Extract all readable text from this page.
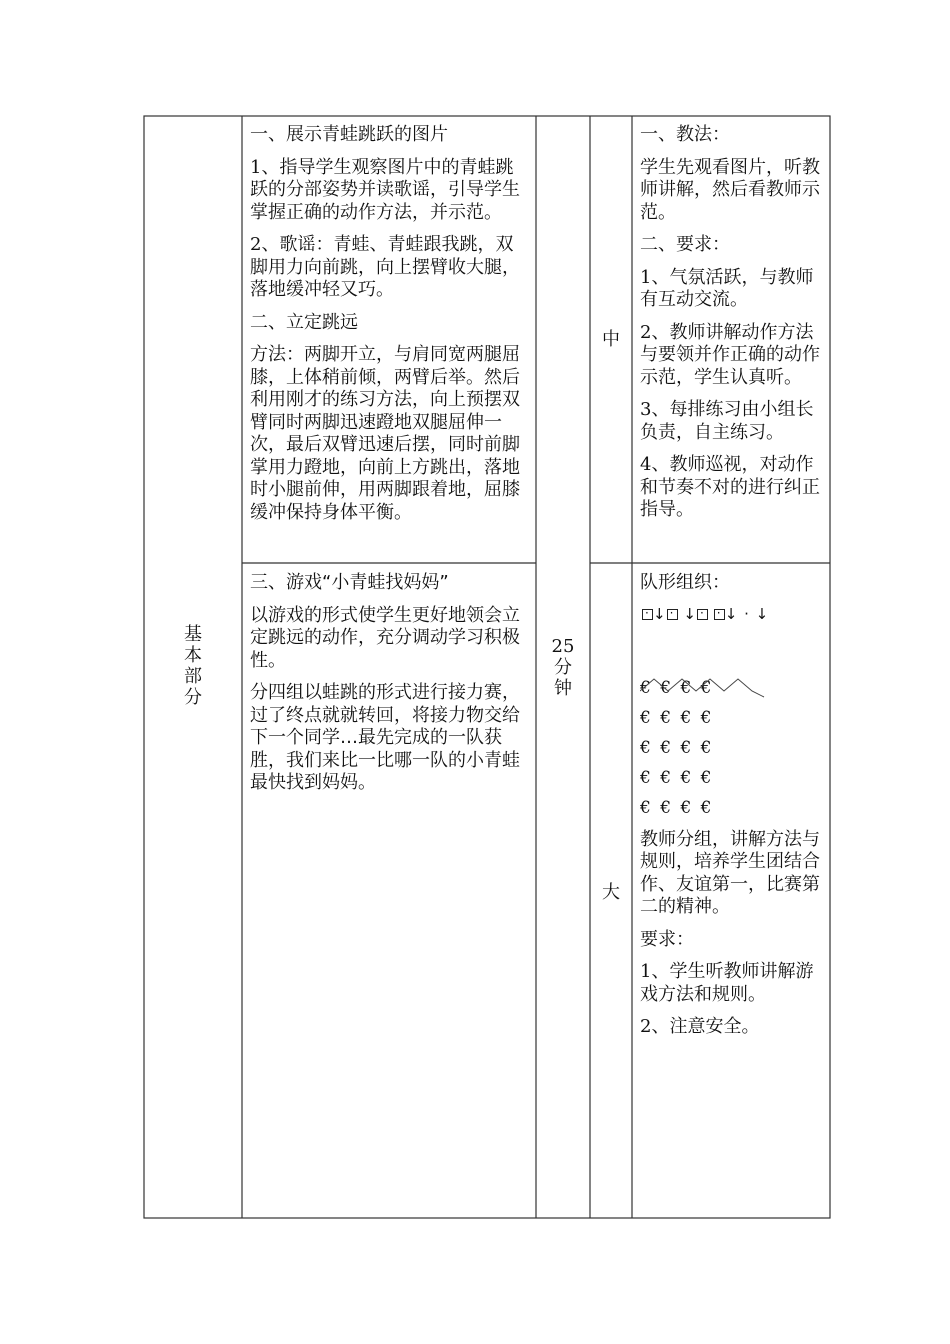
基
本
部
分

一、展示青蛙跳跃的图片

1、指导学生观察图片中的青蛙跳跃的分部姿势并读歌谣，引导学生掌握正确的动作方法，并示范。

2、歌谣：青蛙、青蛙跟我跳，双脚用力向前跳，向上摆臂收大腿，落地缓冲轻又巧。

二、立定跳远

方法：两脚开立，与肩同宽两腿屈膝，上体稍前倾，两臂后举。然后利用刚才的练习方法，向上预摆双臂同时两脚迅速蹬地双腿屈伸一次，最后双臂迅速后摆，同时前脚掌用力蹬地，向前上方跳出，落地时小腿前伸，用两脚跟着地，屈膝缓冲保持身体平衡。

三、游戏“小青蛙找妈妈”

以游戏的形式使学生更好地领会立定跳远的动作，充分调动学习积极性。

分四组以蛙跳的形式进行接力赛，过了终点就就转回，将接力物交给下一个同学…最先完成的一队获胜，我们来比一比哪一队的小青蛙最快找到妈妈。

25
分
钟
中
大

一、教法：

学生先观看图片，听教师讲解，然后看教师示范。

二、要求：

1、气氛活跃，与教师有互动交流。

2、教师讲解动作方法与要领并作正确的动作示范，学生认真听。

3、每排练习由小组长负责，自主练习。

4、教师巡视，对动作和节奏不对的进行纠正指导。

队形组织：

·↓ · ↓ · · ↓ · ↓
€ € € €
€ € € €
€ € € €
€ € € €
€ € € €

教师分组，讲解方法与规则，培养学生团结合作、友谊第一，比赛第二的精神。

要求：

1、学生听教师讲解游戏方法和规则。

2、注意安全。
